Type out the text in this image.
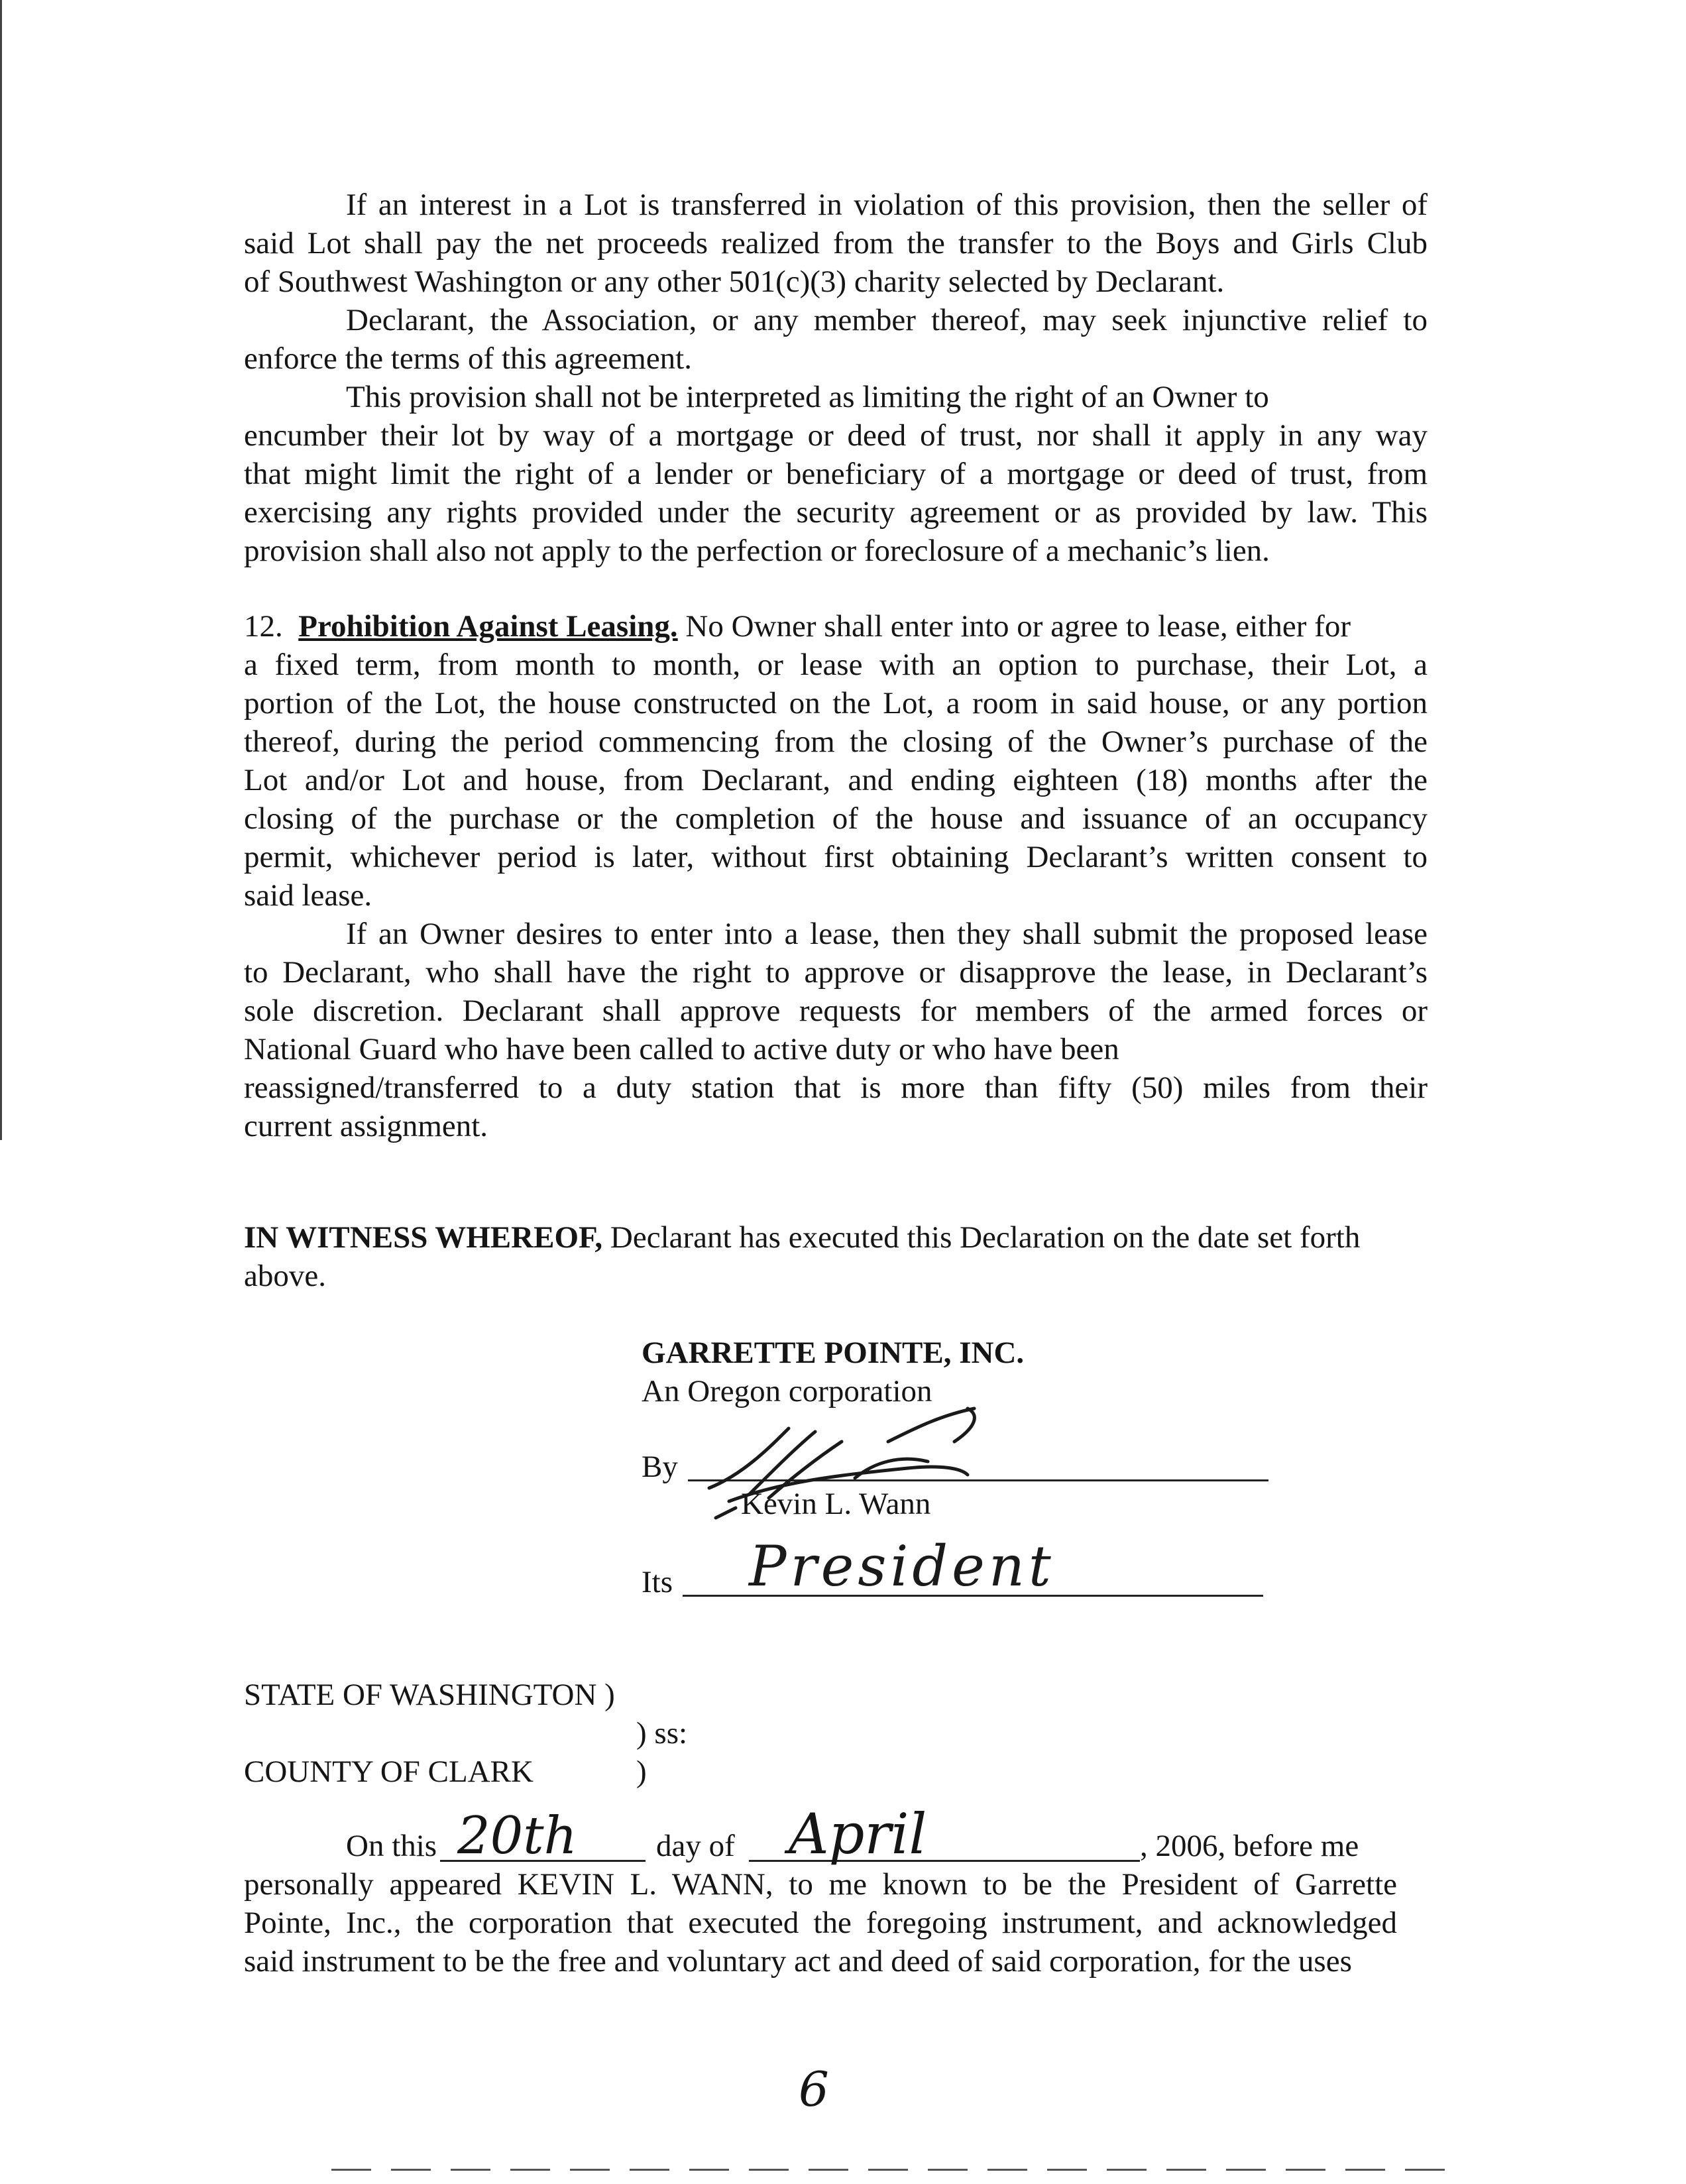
If an interest in a Lot is transferred in violation of this provision, then the seller of
said Lot shall pay the net proceeds realized from the transfer to the Boys and Girls Club
of Southwest Washington or any other 501(c)(3) charity selected by Declarant.
Declarant, the Association, or any member thereof, may seek injunctive relief to
enforce the terms of this agreement.
This provision shall not be interpreted as limiting the right of an Owner to
encumber their lot by way of a mortgage or deed of trust, nor shall it apply in any way
that might limit the right of a lender or beneficiary of a mortgage or deed of trust, from
exercising any rights provided under the security agreement or as provided by law. This
provision shall also not apply to the perfection or foreclosure of a mechanic’s lien.
12. Prohibition Against Leasing. No Owner shall enter into or agree to lease, either for
a fixed term, from month to month, or lease with an option to purchase, their Lot, a
portion of the Lot, the house constructed on the Lot, a room in said house, or any portion
thereof, during the period commencing from the closing of the Owner’s purchase of the
Lot and/or Lot and house, from Declarant, and ending eighteen (18) months after the
closing of the purchase or the completion of the house and issuance of an occupancy
permit, whichever period is later, without first obtaining Declarant’s written consent to
said lease.
If an Owner desires to enter into a lease, then they shall submit the proposed lease
to Declarant, who shall have the right to approve or disapprove the lease, in Declarant’s
sole discretion. Declarant shall approve requests for members of the armed forces or
National Guard who have been called to active duty or who have been
reassigned/transferred to a duty station that is more than fifty (50) miles from their
current assignment.
IN WITNESS WHEREOF, Declarant has executed this Declaration on the date set forth
above.
GARRETTE POINTE, INC.
An Oregon corporation
By
Kevin L. Wann
Its President
STATE OF WASHINGTON )
) ss:
COUNTY OF CLARK	)
On this 20th	day of April	, 2006, before me
personally appeared KEVIN L. WANN, to me known to be the President of Garrette
Pointe, Inc., the corporation that executed the foregoing instrument, and acknowledged
said instrument to be the free and voluntary act and deed of said corporation, for the uses
6
